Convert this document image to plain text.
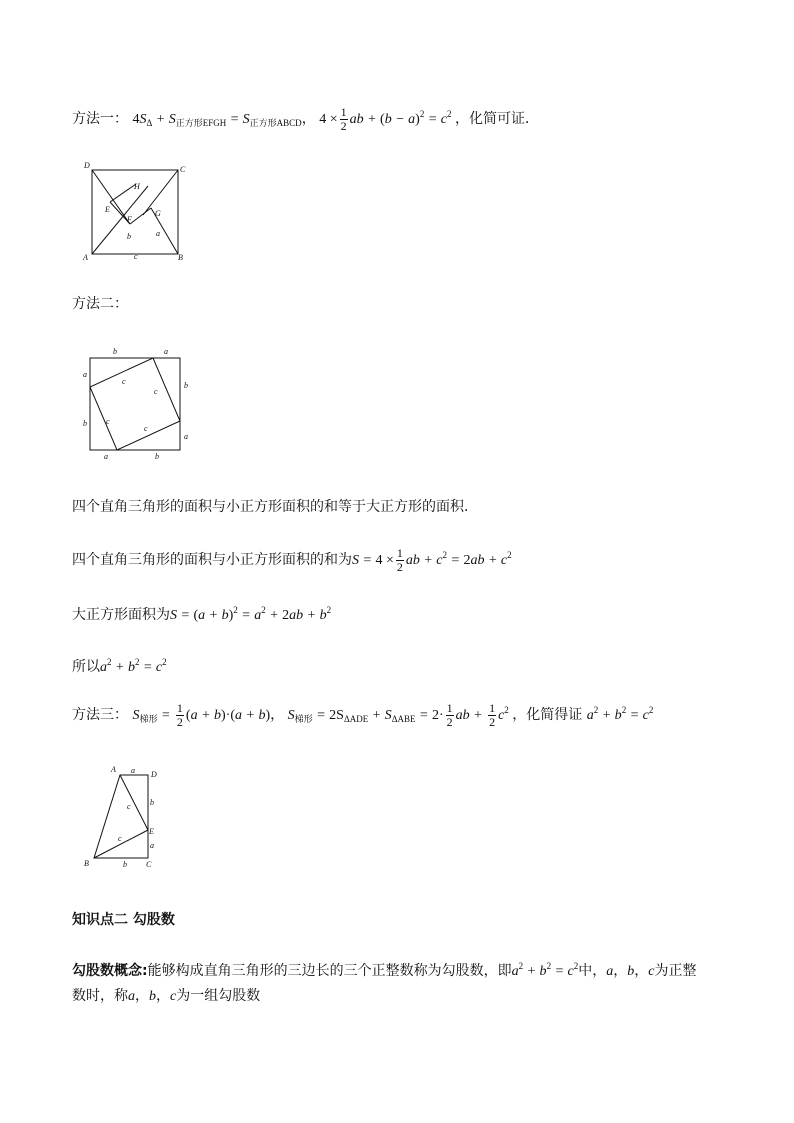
方法一： $4S_\Delta + S_{正方形EFGH} = S_{正方形ABCD}$， $4 \times \frac{1}{2}$ ab + $(b - a)^2 = c^2$ ，化简可证．
D	C
A	B
H
E	G
F
b	a
c
方法二：
b	a
a
b
c
c
c
c
b
a
a	b
四个直角三角形的面积与小正方形面积的和等于大正方形的面积．
四个直角三角形的面积与小正方形面积的和为$S = 4 \times \frac{1}{2}$ ab + $c^2 = 2ab + c^2$
大正方形面积为$S = (a + b)^2 = a^2 + 2ab + b^2$
所以$a^2 + b^2 = c^2$
方法三： $S_{梯形} = \frac{1}{2} (a + b)\cdot(a + b)$， $S_{梯形} = 2S_{\Delta ADE} + S_{\Delta ABE} = 2\cdot \frac{1}{2}$ ab + $\frac{1}{2} c^2$ ，化简得证 $a^2 + b^2 = c^2$
A a D
b
E
c
a
c
B	b C
知识点二 勾股数
勾股数概念:能够构成直角三角形的三边长的三个正整数称为勾股数，即$a^2 + b^2 = c^2$中，a，b，c为正整
数时，称a，b，c为一组勾股数
